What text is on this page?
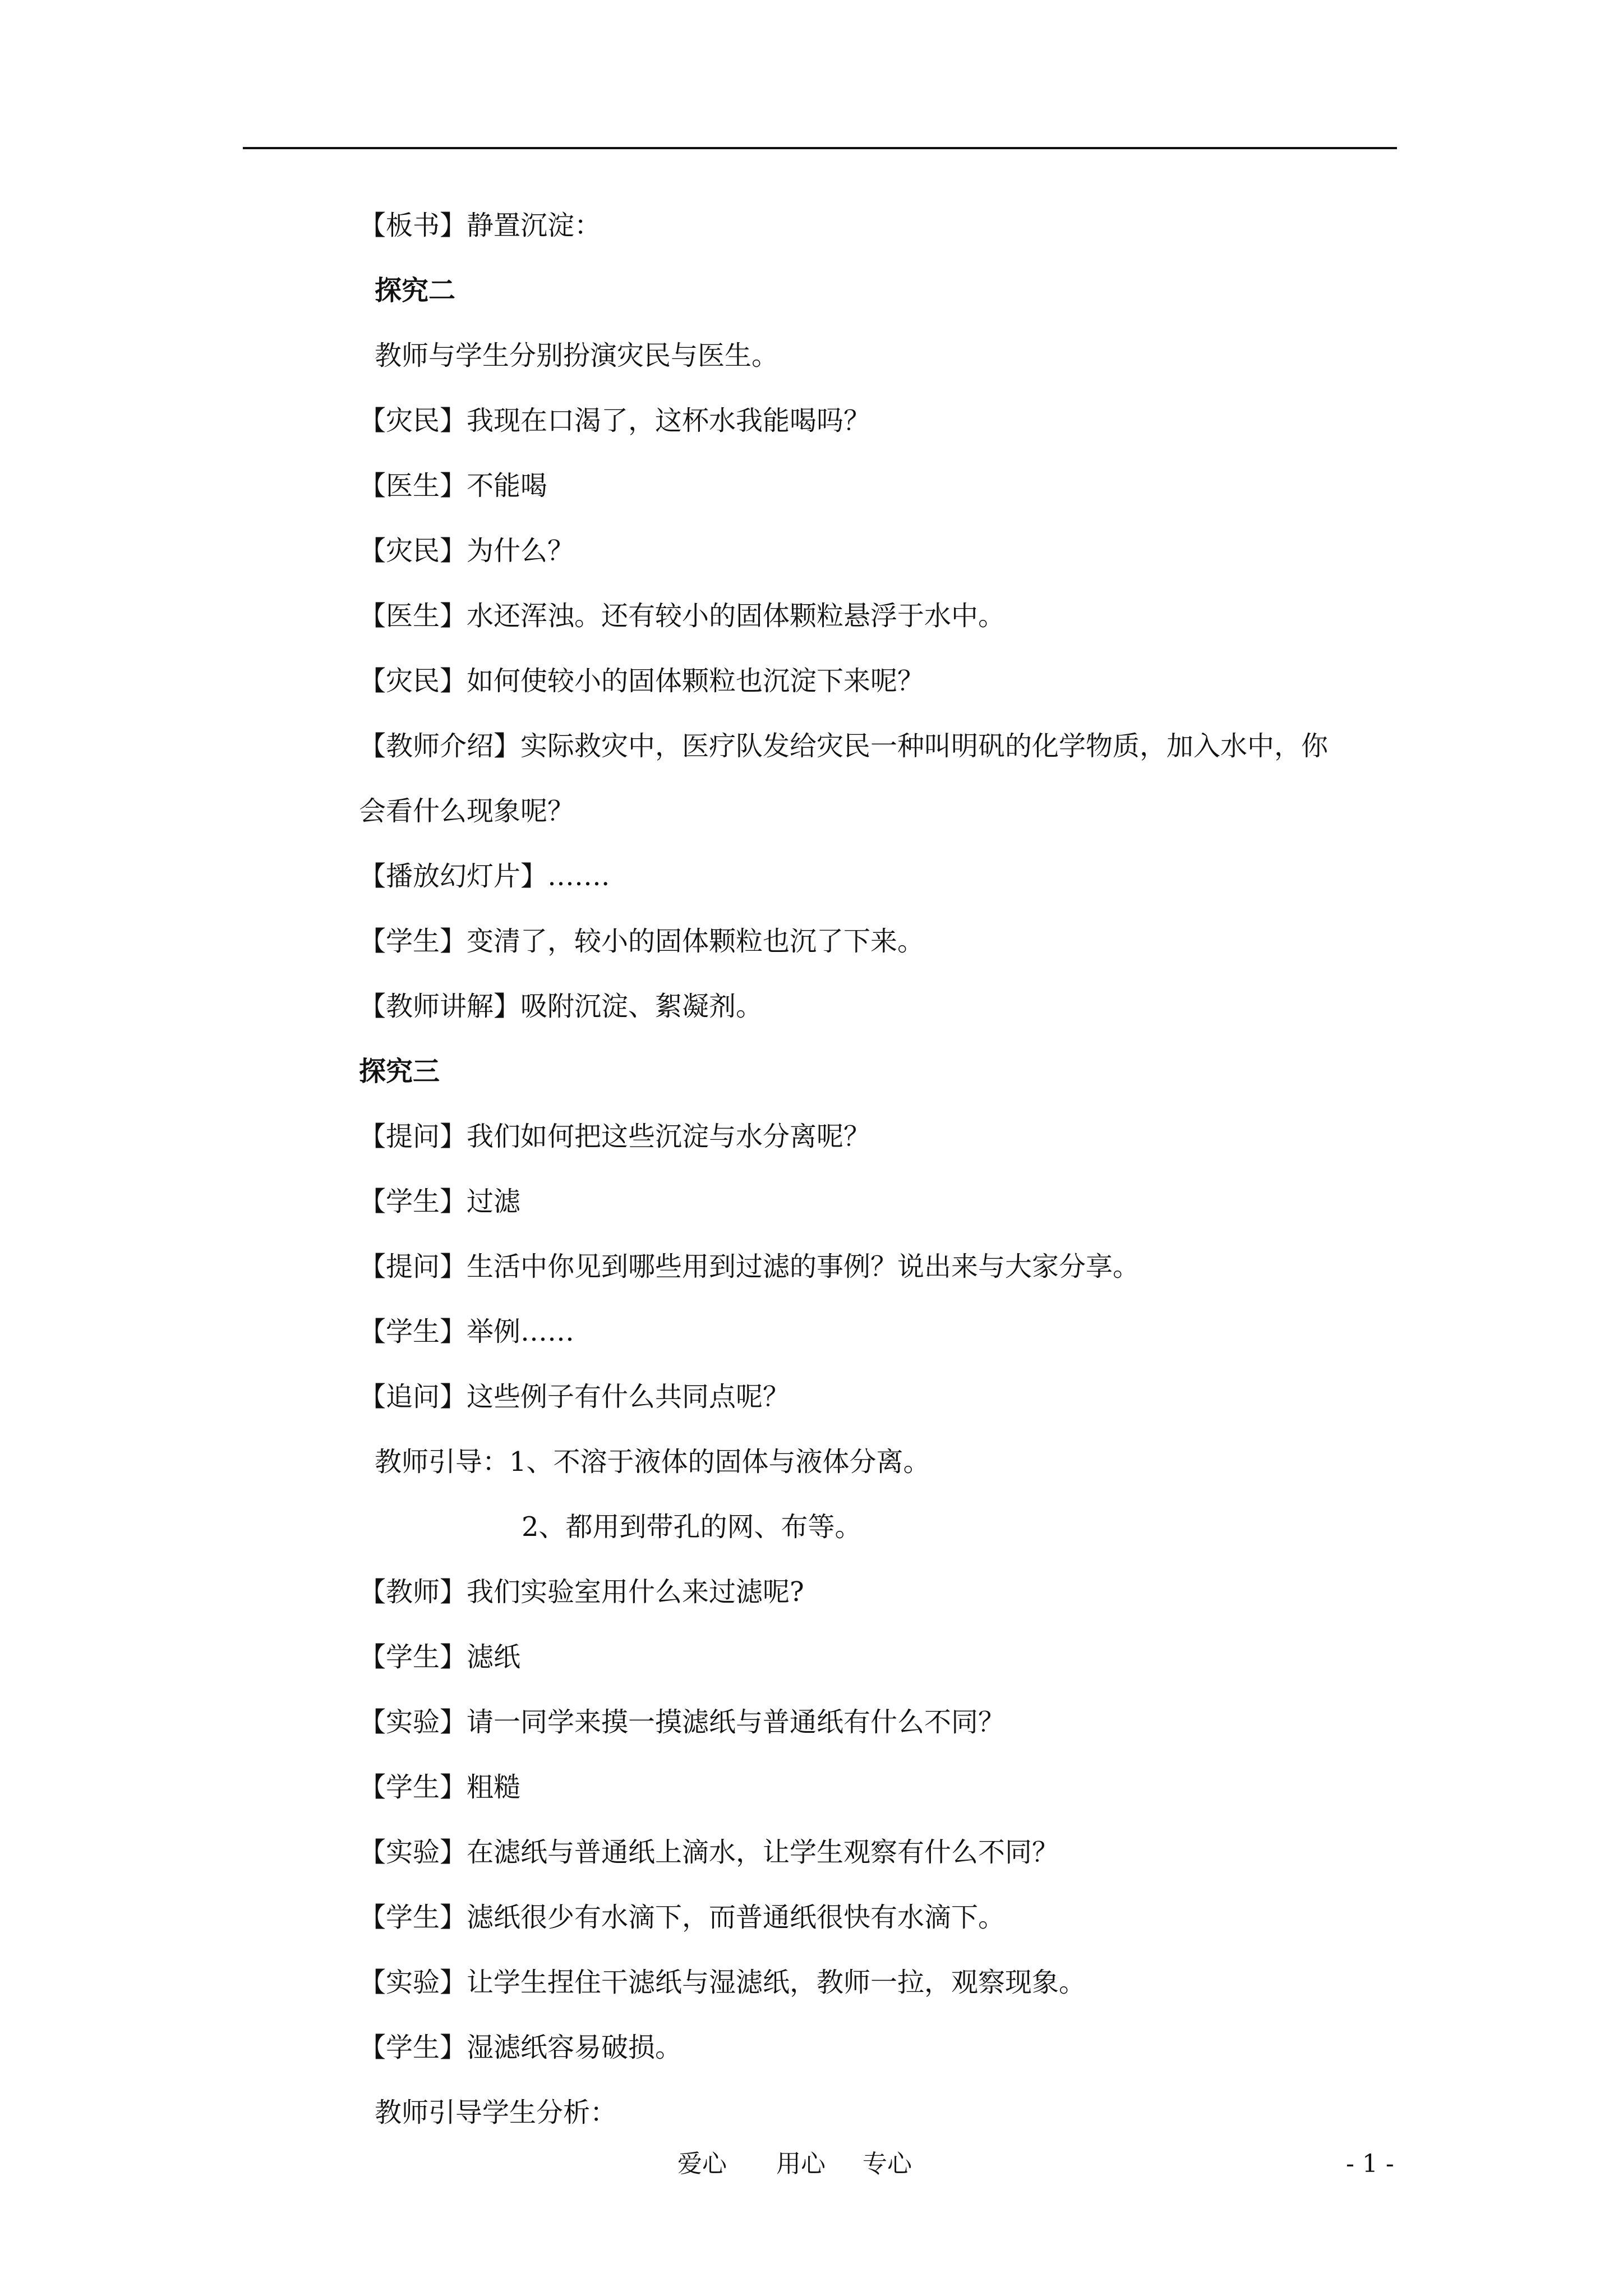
【板书】静置沉淀：
探究二
教师与学生分别扮演灾民与医生。
【灾民】我现在口渴了，这杯水我能喝吗？
【医生】不能喝
【灾民】为什么？
【医生】水还浑浊。还有较小的固体颗粒悬浮于水中。
【灾民】如何使较小的固体颗粒也沉淀下来呢？
【教师介绍】实际救灾中，医疗队发给灾民一种叫明矾的化学物质，加入水中，你
会看什么现象呢？
【播放幻灯片】…….
【学生】变清了，较小的固体颗粒也沉了下来。
【教师讲解】吸附沉淀、絮凝剂。
探究三
【提问】我们如何把这些沉淀与水分离呢？
【学生】过滤
【提问】生活中你见到哪些用到过滤的事例？说出来与大家分享。
【学生】举例……
【追问】这些例子有什么共同点呢？
教师引导：1、不溶于液体的固体与液体分离。
2、都用到带孔的网、布等。
【教师】我们实验室用什么来过滤呢?
【学生】滤纸
【实验】请一同学来摸一摸滤纸与普通纸有什么不同？
【学生】粗糙
【实验】在滤纸与普通纸上滴水，让学生观察有什么不同？
【学生】滤纸很少有水滴下，而普通纸很快有水滴下。
【实验】让学生捏住干滤纸与湿滤纸，教师一拉，观察现象。
【学生】湿滤纸容易破损。
教师引导学生分析：
爱心 用心 专心	- 1 -
